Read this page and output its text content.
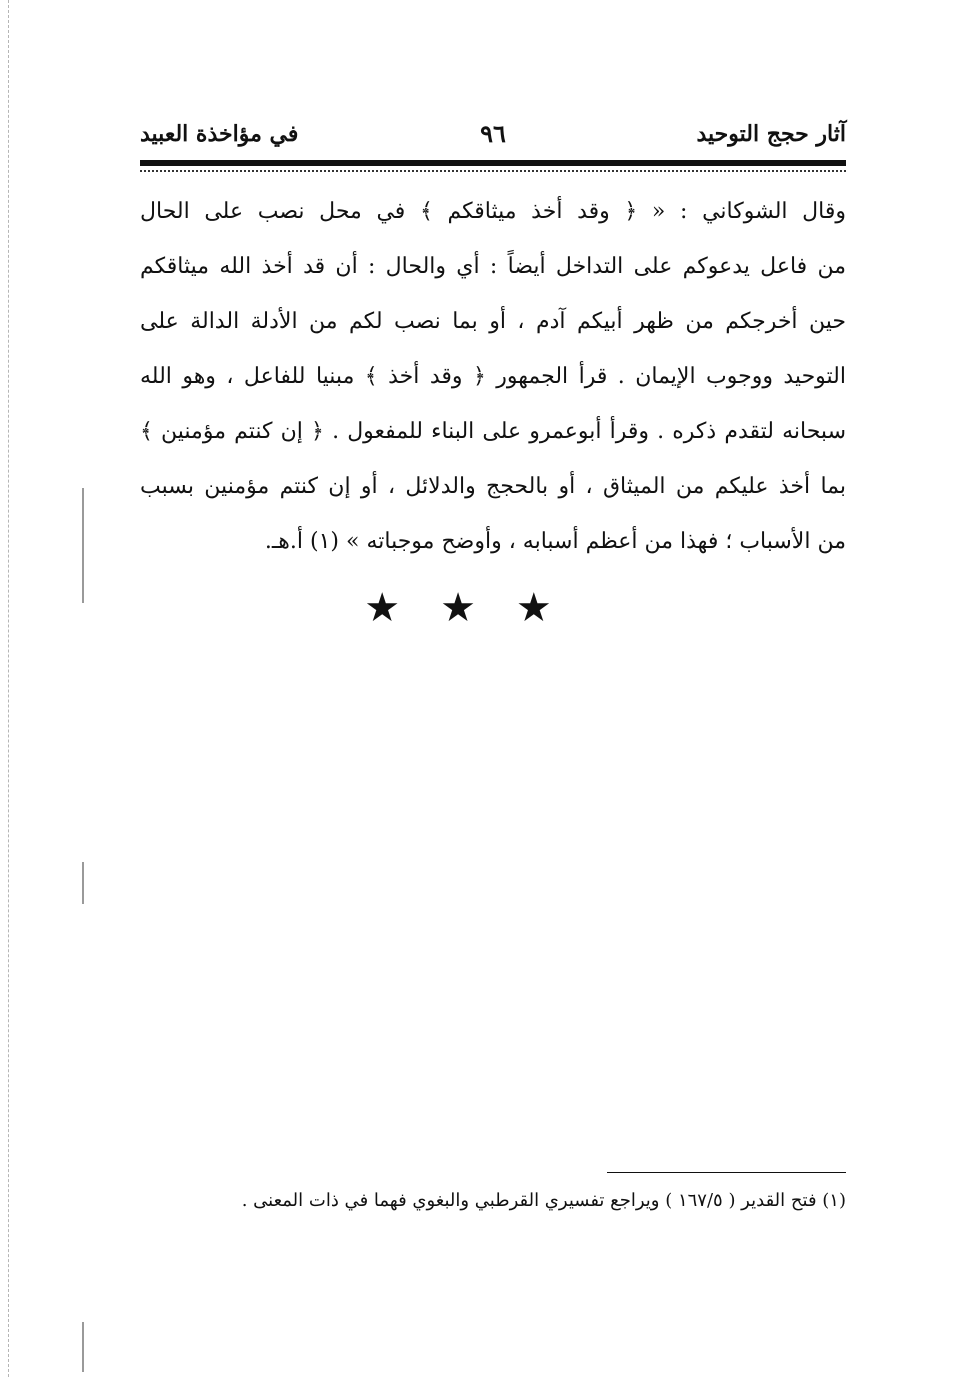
آثار حجج التوحيد
٩٦
في مؤاخذة العبيد
وقال الشوكاني : « ﴿ وقد أخذ ميثاقكم ﴾ في محل نصب على الحال
من فاعل يدعوكم على التداخل أيضاً : أي والحال : أن قد أخذ الله ميثاقكم
حين أخرجكم من ظهر أبيكم آدم ، أو بما نصب لكم من الأدلة الدالة على
التوحيد ووجوب الإيمان . قرأ الجمهور ﴿ وقد أخذ ﴾ مبنيا للفاعل ، وهو الله
سبحانه لتقدم ذكره . وقرأ أبوعمرو على البناء للمفعول . ﴿ إن كنتم مؤمنين ﴾
بما أخذ عليكم من الميثاق ، أو بالحجج والدلائل ، أو إن كنتم مؤمنين بسبب
من الأسباب ؛ فهذا من أعظم أسبابه ، وأوضح موجباته » (١) أ.هـ.
★★★
(١) فتح القدير ( ١٦٧/٥ ) ويراجع تفسيري القرطبي والبغوي فهما في ذات المعنى .
